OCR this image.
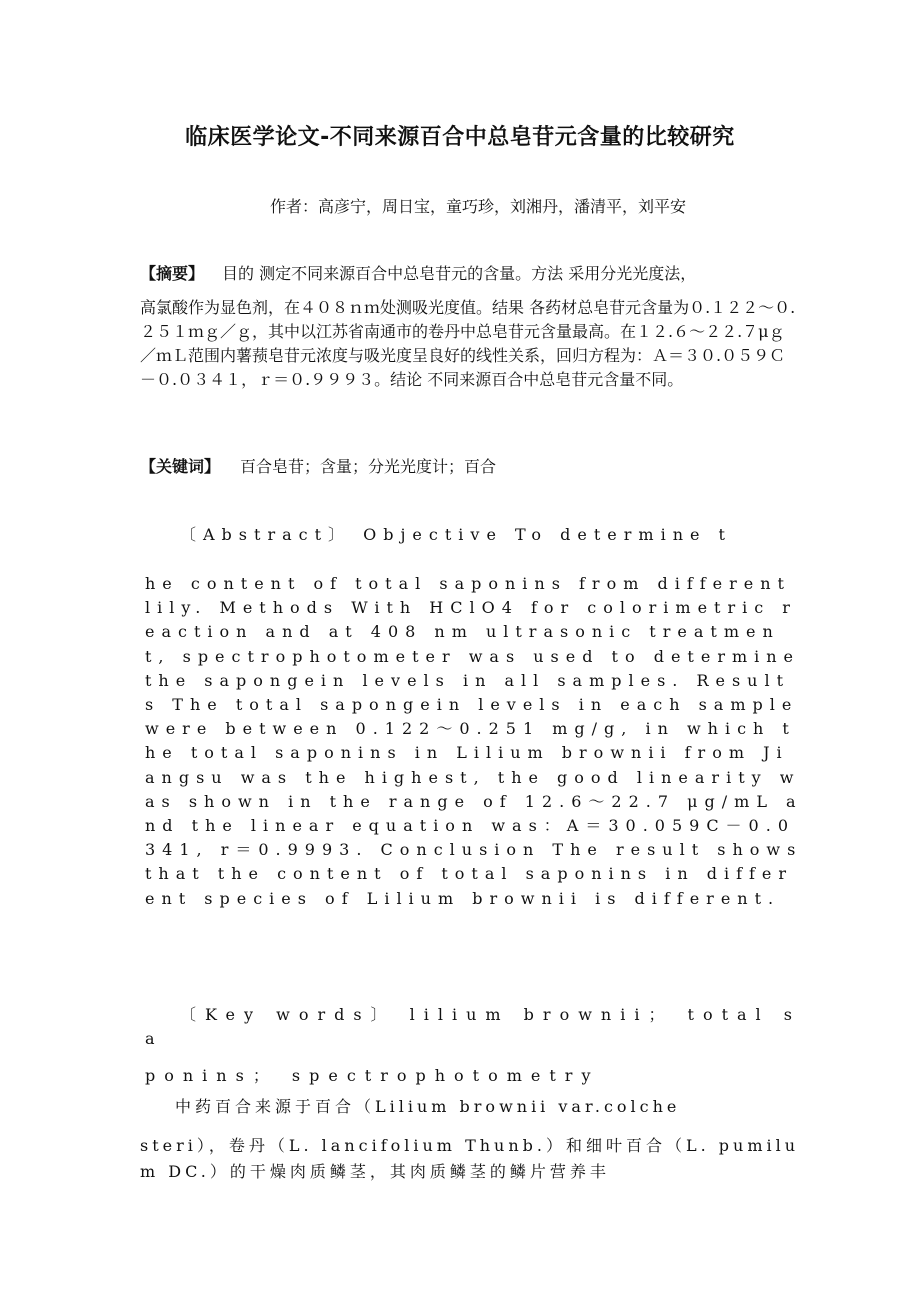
临床医学论文-不同来源百合中总皂苷元含量的比较研究
作者：高彦宁，周日宝，童巧珍，刘湘丹，潘清平，刘平安
【摘要】 目的 测定不同来源百合中总皂苷元的含量。方法 采用分光光度法，
高氯酸作为显色剂，在４０８ｎｍ处测吸光度值。结果 各药材总皂苷元含量为０.１２２～０.２５１ｍｇ／ｇ，其中以江苏省南通市的卷丹中总皂苷元含量最高。在１２.６～２２.７μｇ／ｍＬ范围内薯蓣皂苷元浓度与吸光度呈良好的线性关系，回归方程为：Ａ＝３０.０５９Ｃ－０.０３４１，ｒ＝０.９９９３。结论 不同来源百合中总皂苷元含量不同。
【关键词】 百合皂苷；含量；分光光度计；百合
〔Abstract〕 Objective To determine t
he content of total saponins from different lily. Methods With HClO4 for colorimetric reaction and at 408 nm ultrasonic treatment, spectrophotometer was used to determine the sapongein levels in all samples. Results The total sapongein levels in each sample were between 0.122～0.251 mg/g, in which the total saponins in Lilium brownii from Jiangsu was the highest, the good linearity was shown in the range of 12.6～22.7 μg/mL and the linear equation was：A＝30.059C－0.0341, r＝0.9993. Conclusion The result shows that the content of total saponins in different species of Lilium brownii is different.
〔Key words〕 lilium brownii； total sa
ponins； spectrophotometry
中药百合来源于百合（Lilium brownii var.colche
steri），卷丹（L. lancifolium Thunb.）和细叶百合（L. pumilum DC.）的干燥肉质鳞茎，其肉质鳞茎的鳞片营养丰
